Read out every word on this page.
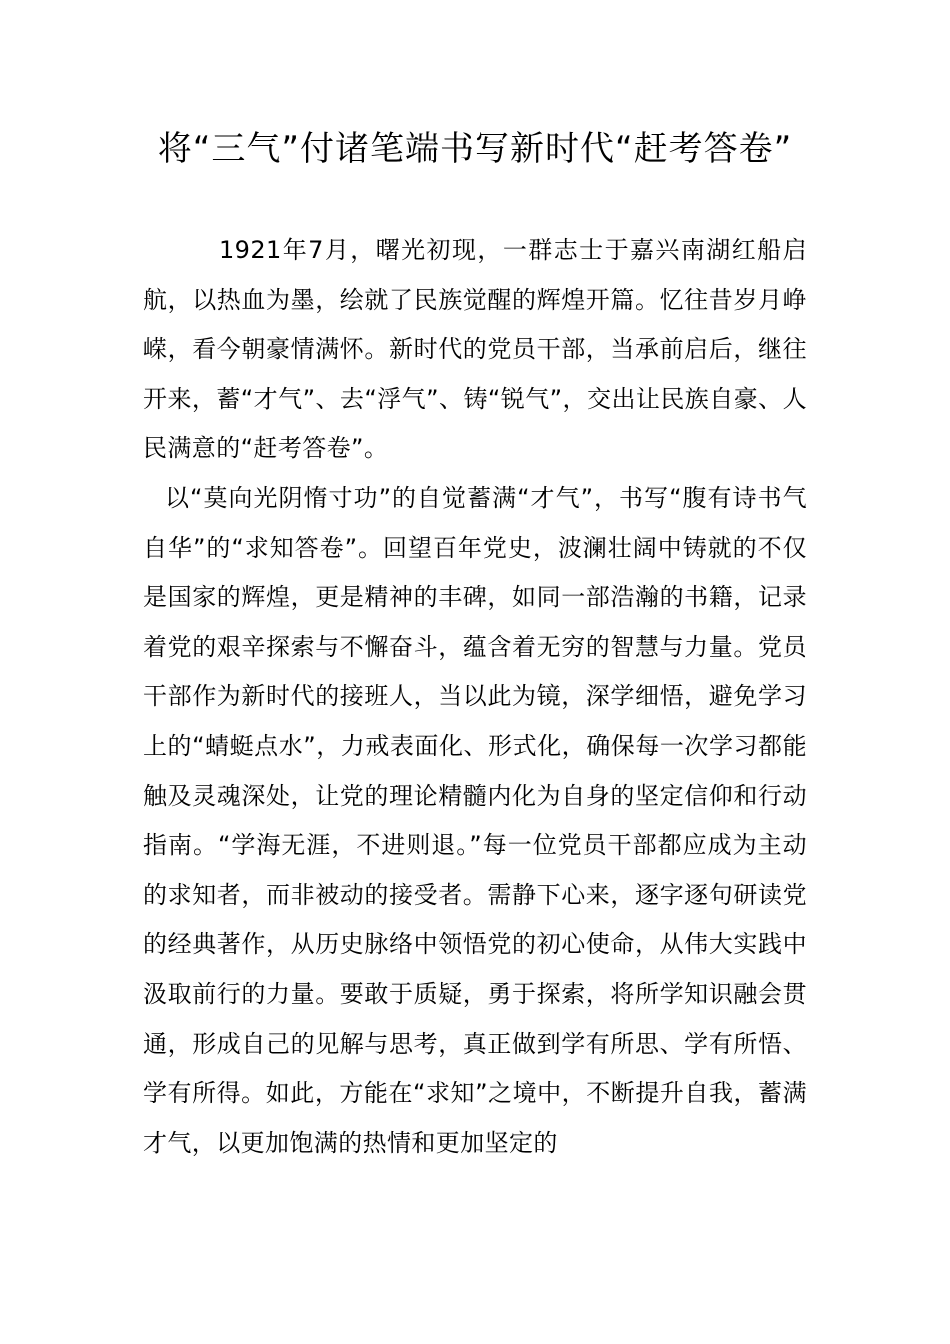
将“三气”付诸笔端书写新时代“赶考答卷”

1921年7月，曙光初现，一群志士于嘉兴南湖红船启航，以热血为墨，绘就了民族觉醒的辉煌开篇。忆往昔岁月峥嵘，看今朝豪情满怀。新时代的党员干部，当承前启后，继往开来，蓄“才气”、去“浮气”、铸“锐气”，交出让民族自豪、人民满意的“赶考答卷”。

以“莫向光阴惰寸功”的自觉蓄满“才气”，书写“腹有诗书气自华”的“求知答卷”。回望百年党史，波澜壮阔中铸就的不仅是国家的辉煌，更是精神的丰碑，如同一部浩瀚的书籍，记录着党的艰辛探索与不懈奋斗，蕴含着无穷的智慧与力量。党员干部作为新时代的接班人，当以此为镜，深学细悟，避免学习上的“蜻蜓点水”，力戒表面化、形式化，确保每一次学习都能触及灵魂深处，让党的理论精髓内化为自身的坚定信仰和行动指南。“学海无涯，不进则退。”每一位党员干部都应成为主动的求知者，而非被动的接受者。需静下心来，逐字逐句研读党的经典著作，从历史脉络中领悟党的初心使命，从伟大实践中汲取前行的力量。要敢于质疑，勇于探索，将所学知识融会贯通，形成自己的见解与思考，真正做到学有所思、学有所悟、学有所得。如此，方能在“求知”之境中，不断提升自我，蓄满才气，以更加饱满的热情和更加坚定的
